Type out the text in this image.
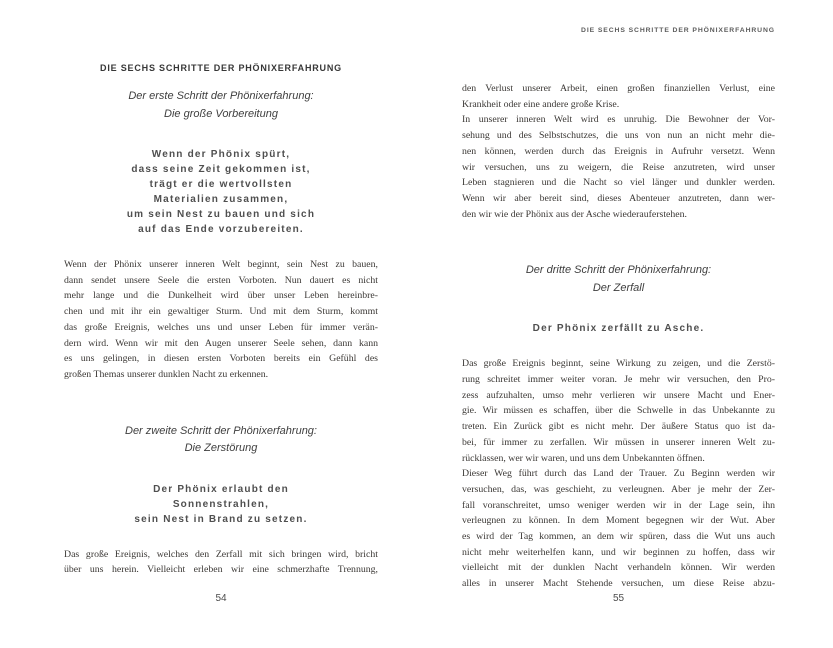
DIE SECHS SCHRITTE DER PHÖNIXERFAHRUNG
Der erste Schritt der Phönixerfahrung:
Die große Vorbereitung
Wenn der Phönix spürt,
dass seine Zeit gekommen ist,
trägt er die wertvollsten
Materialien zusammen,
um sein Nest zu bauen und sich
auf das Ende vorzubereiten.
Wenn der Phönix unserer inneren Welt beginnt, sein Nest zu bauen,
dann sendet unsere Seele die ersten Vorboten. Nun dauert es nicht
mehr lange und die Dunkelheit wird über unser Leben hereinbre-
chen und mit ihr ein gewaltiger Sturm. Und mit dem Sturm, kommt
das große Ereignis, welches uns und unser Leben für immer verän-
dern wird. Wenn wir mit den Augen unserer Seele sehen, dann kann
es uns gelingen, in diesen ersten Vorboten bereits ein Gefühl des
großen Themas unserer dunklen Nacht zu erkennen.
Der zweite Schritt der Phönixerfahrung:
Die Zerstörung
Der Phönix erlaubt den
Sonnenstrahlen,
sein Nest in Brand zu setzen.
Das große Ereignis, welches den Zerfall mit sich bringen wird, bricht
über uns herein. Vielleicht erleben wir eine schmerzhafte Trennung,
54
DIE SECHS SCHRITTE DER PHÖNIXERFAHRUNG
den Verlust unserer Arbeit, einen großen finanziellen Verlust, eine
Krankheit oder eine andere große Krise.
In unserer inneren Welt wird es unruhig. Die Bewohner der Vor-
sehung und des Selbstschutzes, die uns von nun an nicht mehr die-
nen können, werden durch das Ereignis in Aufruhr versetzt. Wenn
wir versuchen, uns zu weigern, die Reise anzutreten, wird unser
Leben stagnieren und die Nacht so viel länger und dunkler werden.
Wenn wir aber bereit sind, dieses Abenteuer anzutreten, dann wer-
den wir wie der Phönix aus der Asche wiederauferstehen.
Der dritte Schritt der Phönixerfahrung:
Der Zerfall
Der Phönix zerfällt zu Asche.
Das große Ereignis beginnt, seine Wirkung zu zeigen, und die Zerstö-
rung schreitet immer weiter voran. Je mehr wir versuchen, den Pro-
zess aufzuhalten, umso mehr verlieren wir unsere Macht und Ener-
gie. Wir müssen es schaffen, über die Schwelle in das Unbekannte zu
treten. Ein Zurück gibt es nicht mehr. Der äußere Status quo ist da-
bei, für immer zu zerfallen. Wir müssen in unserer inneren Welt zu-
rücklassen, wer wir waren, und uns dem Unbekannten öffnen.
Dieser Weg führt durch das Land der Trauer. Zu Beginn werden wir
versuchen, das, was geschieht, zu verleugnen. Aber je mehr der Zer-
fall voranschreitet, umso weniger werden wir in der Lage sein, ihn
verleugnen zu können. In dem Moment begegnen wir der Wut. Aber
es wird der Tag kommen, an dem wir spüren, dass die Wut uns auch
nicht mehr weiterhelfen kann, und wir beginnen zu hoffen, dass wir
vielleicht mit der dunklen Nacht verhandeln können. Wir werden
alles in unserer Macht Stehende versuchen, um diese Reise abzu-
55
